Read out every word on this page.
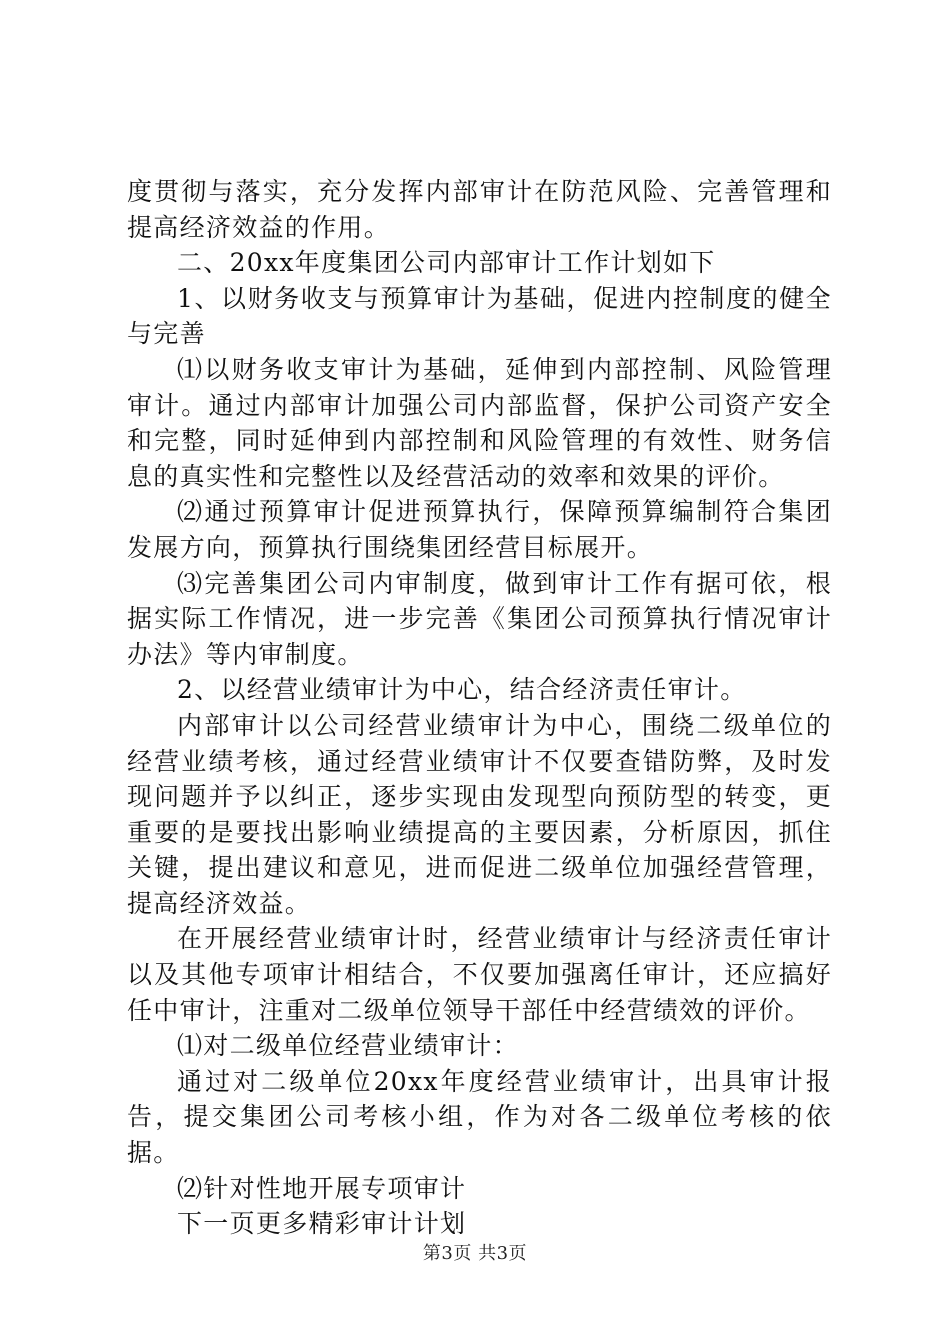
度贯彻与落实，充分发挥内部审计在防范风险、完善管理和提高经济效益的作用。

二、20xx年度集团公司内部审计工作计划如下

1、以财务收支与预算审计为基础，促进内控制度的健全与完善

⑴以财务收支审计为基础，延伸到内部控制、风险管理审计。通过内部审计加强公司内部监督，保护公司资产安全和完整，同时延伸到内部控制和风险管理的有效性、财务信息的真实性和完整性以及经营活动的效率和效果的评价。

⑵通过预算审计促进预算执行，保障预算编制符合集团发展方向，预算执行围绕集团经营目标展开。

⑶完善集团公司内审制度，做到审计工作有据可依，根据实际工作情况，进一步完善《集团公司预算执行情况审计办法》等内审制度。

2、以经营业绩审计为中心，结合经济责任审计。

内部审计以公司经营业绩审计为中心，围绕二级单位的经营业绩考核，通过经营业绩审计不仅要查错防弊，及时发现问题并予以纠正，逐步实现由发现型向预防型的转变，更重要的是要找出影响业绩提高的主要因素，分析原因，抓住关键，提出建议和意见，进而促进二级单位加强经营管理，提高经济效益。

在开展经营业绩审计时，经营业绩审计与经济责任审计以及其他专项审计相结合，不仅要加强离任审计，还应搞好任中审计，注重对二级单位领导干部任中经营绩效的评价。

⑴对二级单位经营业绩审计：

通过对二级单位20xx年度经营业绩审计，出具审计报告，提交集团公司考核小组，作为对各二级单位考核的依据。

⑵针对性地开展专项审计

下一页更多精彩审计计划

第3页 共3页
